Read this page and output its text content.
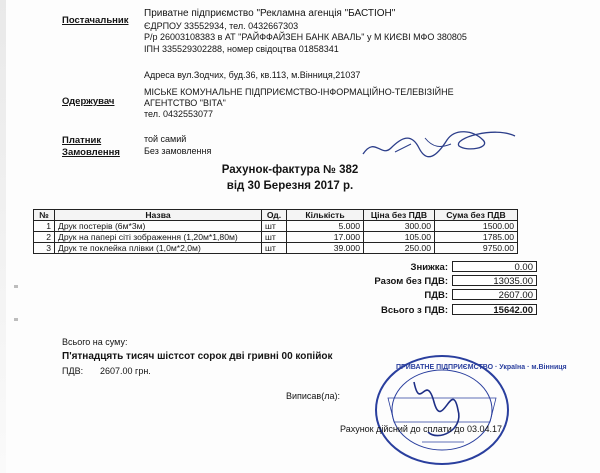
Постачальник
Приватне підприємство "Рекламна агенція "БАСТІОН"
ЄДРПОУ 33552934, тел. 0432667303
Р/р 26003108383 в АТ "РАЙФФАЙЗЕН БАНК АВАЛЬ" у М КИЄВІ МФО 380805
ІПН 335529302288, номер свідоцтва 01858341
Адреса вул.Зодчих, буд.36, кв.113, м.Вінниця,21037
Одержувач
МІСЬКЕ КОМУНАЛЬНЕ ПІДПРИЄМСТВО-ІНФОРМАЦІЙНО-ТЕЛЕВІЗІЙНЕ
АГЕНТСТВО "ВІТА"
тел. 0432553077
Платник	той самий
Замовлення	Без замовлення
Рахунок-фактура № 382
від 30 Березня 2017 р.
№	Назва	Од.	Кількість	Ціна без ПДВ	Сума без ПДВ
1	Друк постерів (6м*3м)	шт	5.000	300.00	1500.00
2	Друк на папері сіті зображення (1,20м*1,80м)	шт	17.000	105.00	1785.00
3	Друк те поклейка плівки (1,0м*2,0м)	шт	39.000	250.00	9750.00
Знижка:	0.00
Разом без ПДВ:	13035.00
ПДВ:	2607.00
Всього з ПДВ:	15642.00
Всього на суму:
П'ятнадцять тисяч шістсот сорок дві гривні 00 копійок
ПДВ: 2607.00 грн.
Виписав(ла):
ПРИВАТНЕ ПІДПРИЄМСТВО · Україна · м.Вінниця
Рахунок дійсний до сплати до 03.04.17
